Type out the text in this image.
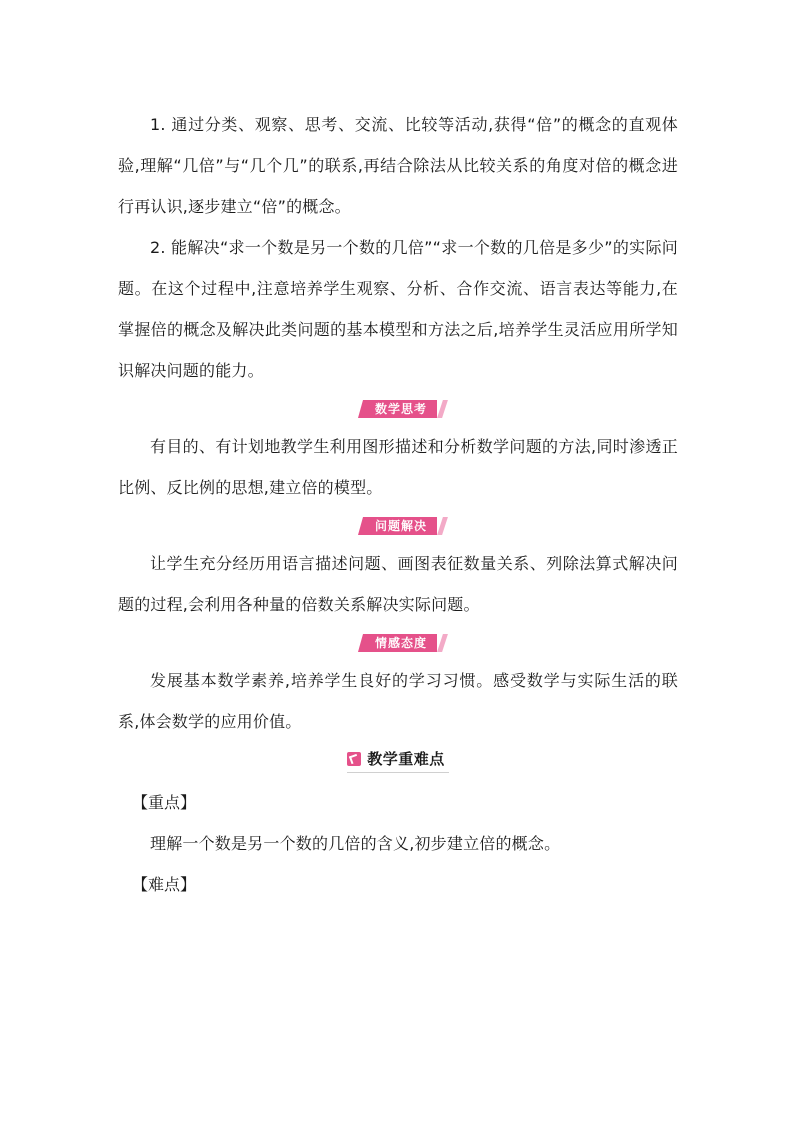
1. 通过分类、观察、思考、交流、比较等活动,获得“倍”的概念的直观体验,理解“几倍”与“几个几”的联系,再结合除法从比较关系的角度对倍的概念进行再认识,逐步建立“倍”的概念。

2. 能解决“求一个数是另一个数的几倍”“求一个数的几倍是多少”的实际问题。在这个过程中,注意培养学生观察、分析、合作交流、语言表达等能力,在掌握倍的概念及解决此类问题的基本模型和方法之后,培养学生灵活应用所学知识解决问题的能力。

数学思考

有目的、有计划地教学生利用图形描述和分析数学问题的方法,同时渗透正比例、反比例的思想,建立倍的模型。

问题解决

让学生充分经历用语言描述问题、画图表征数量关系、列除法算式解决问题的过程,会利用各种量的倍数关系解决实际问题。

情感态度

发展基本数学素养,培养学生良好的学习习惯。感受数学与实际生活的联系,体会数学的应用价值。

教学重难点

【重点】

理解一个数是另一个数的几倍的含义,初步建立倍的概念。

【难点】
